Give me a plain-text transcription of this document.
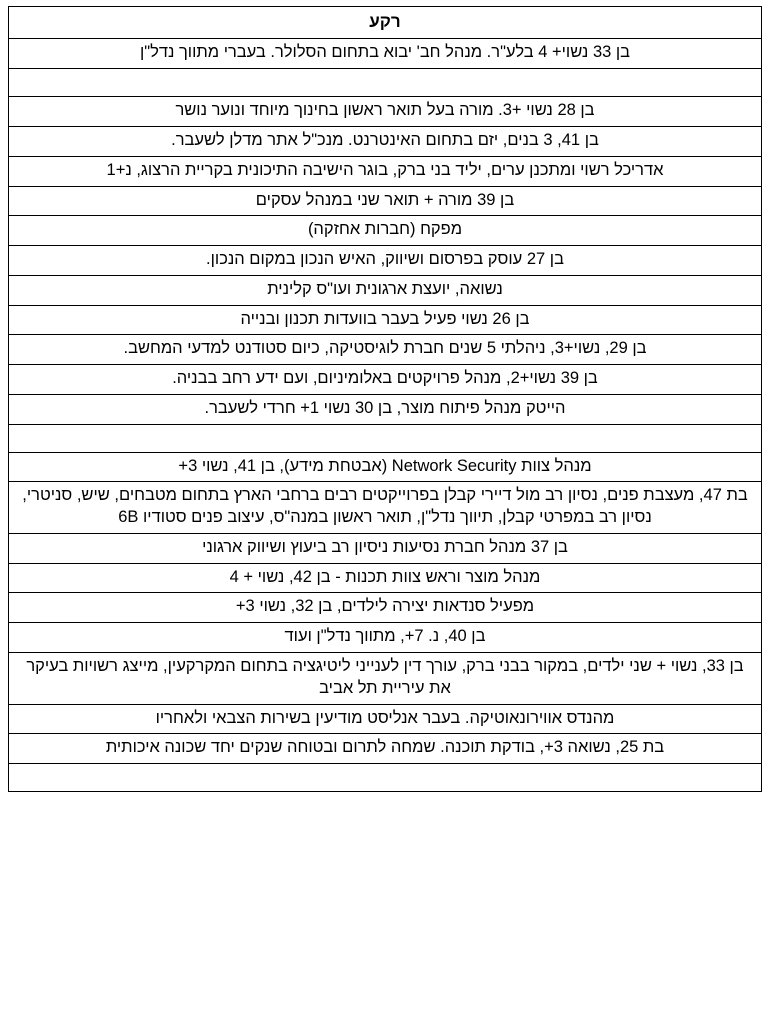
רקע
בן 33 נשוי+ 4 בלע"ר. מנהל חב' יבוא בתחום הסלולר. בעברי מתווך נדל"ן

בן 28 נשוי +3. מורה בעל תואר ראשון בחינוך מיוחד ונוער נושר
בן 41, 3 בנים, יזם בתחום האינטרנט. מנכ"ל אתר מדלן לשעבר.
אדריכל רשוי ומתכנן ערים, יליד בני ברק, בוגר הישיבה התיכונית בקריית הרצוג, נ+1
בן 39 מורה + תואר שני במנהל עסקים
מפקח (חברות אחזקה)
בן 27 עוסק בפרסום ושיווק, האיש הנכון במקום הנכון.
נשואה, יועצת ארגונית ועו"ס קלינית
בן 26 נשוי פעיל בעבר בוועדות תכנון ובנייה
בן 29, נשוי+3, ניהלתי 5 שנים חברת לוגיסטיקה, כיום סטודנט למדעי המחשב.
בן 39 נשוי+2, מנהל פרויקטים באלומיניום, ועם ידע רחב בבניה.
הייטק מנהל פיתוח מוצר, בן 30 נשוי 1+ חרדי לשעבר.

מנהל צוות Network Security (אבטחת מידע), בן 41, נשוי 3+
בת 47, מעצבת פנים, נסיון רב מול דיירי קבלן בפרוייקטים רבים ברחבי הארץ בתחום מטבחים, שיש, סניטרי, נסיון רב במפרטי קבלן, תיווך נדל"ן, תואר ראשון במנה"ס, עיצוב פנים סטודיו 6B
בן 37 מנהל חברת נסיעות ניסיון רב ביעוץ ושיווק ארגוני
מנהל מוצר וראש צוות תכנות - בן 42, נשוי + 4
מפעיל סנדאות יצירה לילדים, בן 32, נשוי 3+
בן 40, נ. 7+, מתווך נדל"ן ועוד
בן 33, נשוי + שני ילדים, במקור בבני ברק, עורך דין לענייני ליטיגציה בתחום המקרקעין, מייצג רשויות בעיקר את עיריית תל אביב
מהנדס אווירונאוטיקה. בעבר אנליסט מודיעין בשירות הצבאי ולאחריו
בת 25, נשואה 3+, בודקת תוכנה. שמחה לתרום ובטוחה שנקים יחד שכונה איכותית
